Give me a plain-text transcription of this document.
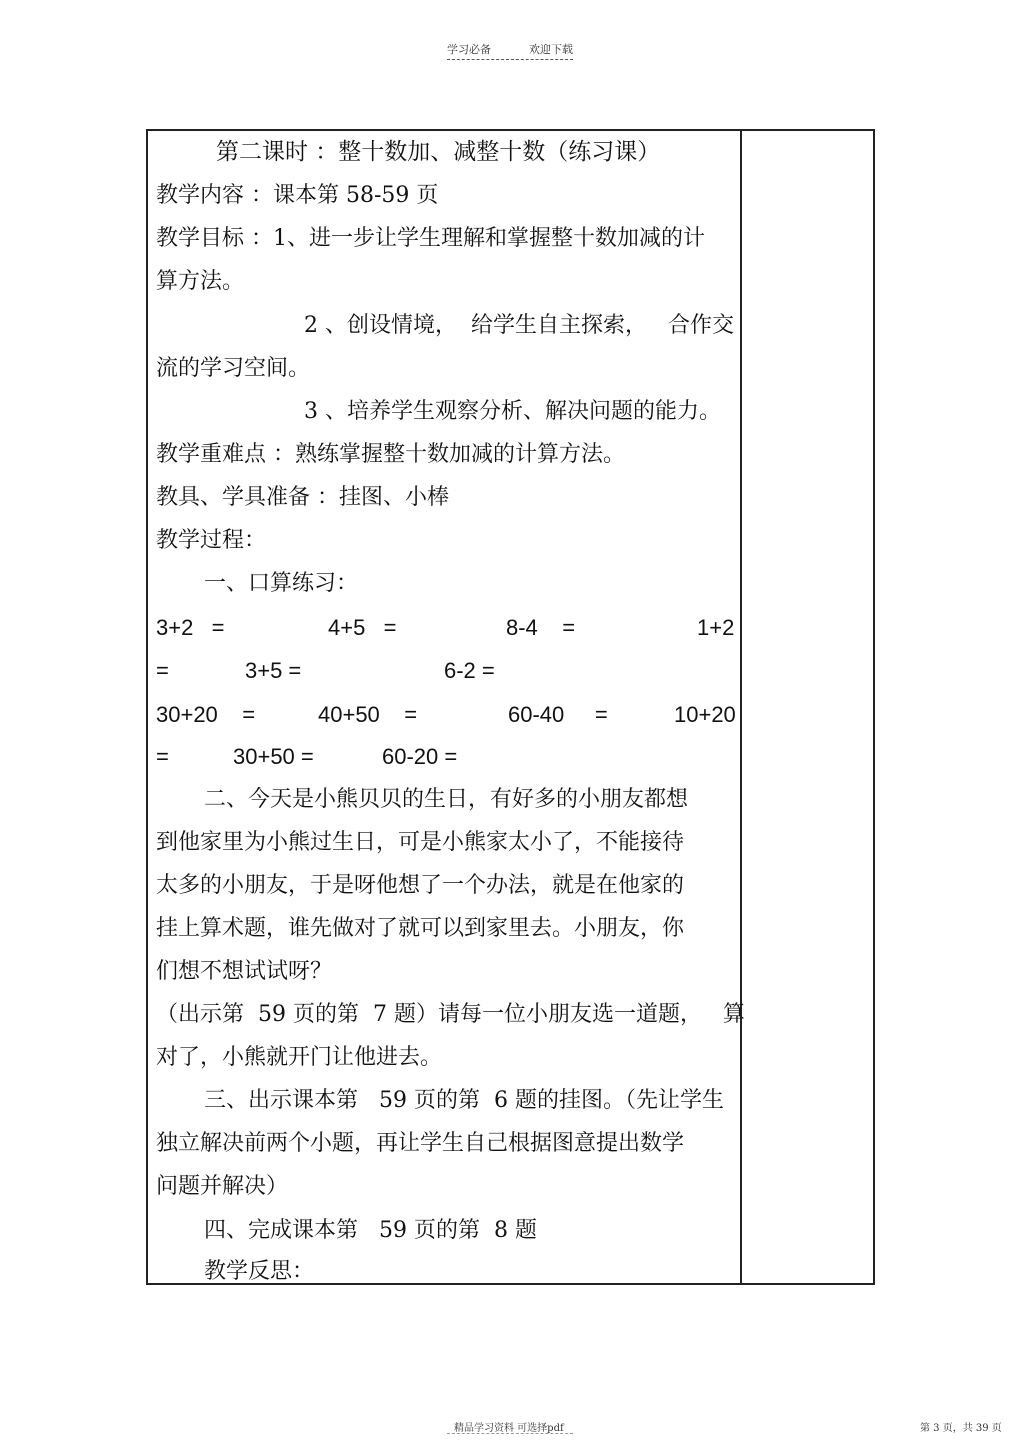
学习必备	欢迎下载
第二课时 ：整十数加、减整十数（练习课）
教学内容 ：课本第 58-59 页
教学目标 ：1、进一步让学生理解和掌握整十数加减的计
算方法。
2 、创设情境，  给学生自主探索，   合作交
流的学习空间。
3 、培养学生观察分析、解决问题的能力。
教学重难点 ：熟练掌握整十数加减的计算方法。
教具、学具准备 ：挂图、小棒
教学过程：
一、口算练习：
3+2   =	4+5   =	8-4    =	1+2
=	3+5 =	6-2 =
30+20    =	40+50    =	60-40     =	10+20
=	30+50 =	60-20 =
二、今天是小熊贝贝的生日，有好多的小朋友都想
到他家里为小熊过生日，可是小熊家太小了，不能接待
太多的小朋友，于是呀他想了一个办法，就是在他家的
挂上算术题，谁先做对了就可以到家里去。小朋友，你
们想不想试试呀？
（出示第  59 页的第  7 题）请每一位小朋友选一道题，   算
对了，小熊就开门让他进去。
三、出示课本第   59 页的第  6 题的挂图。（先让学生
独立解决前两个小题，再让学生自己根据图意提出数学
问题并解决）
四、完成课本第   59 页的第  8 题
教学反思：
精品学习资料 可选择pdf	第 3 页，共 39 页
